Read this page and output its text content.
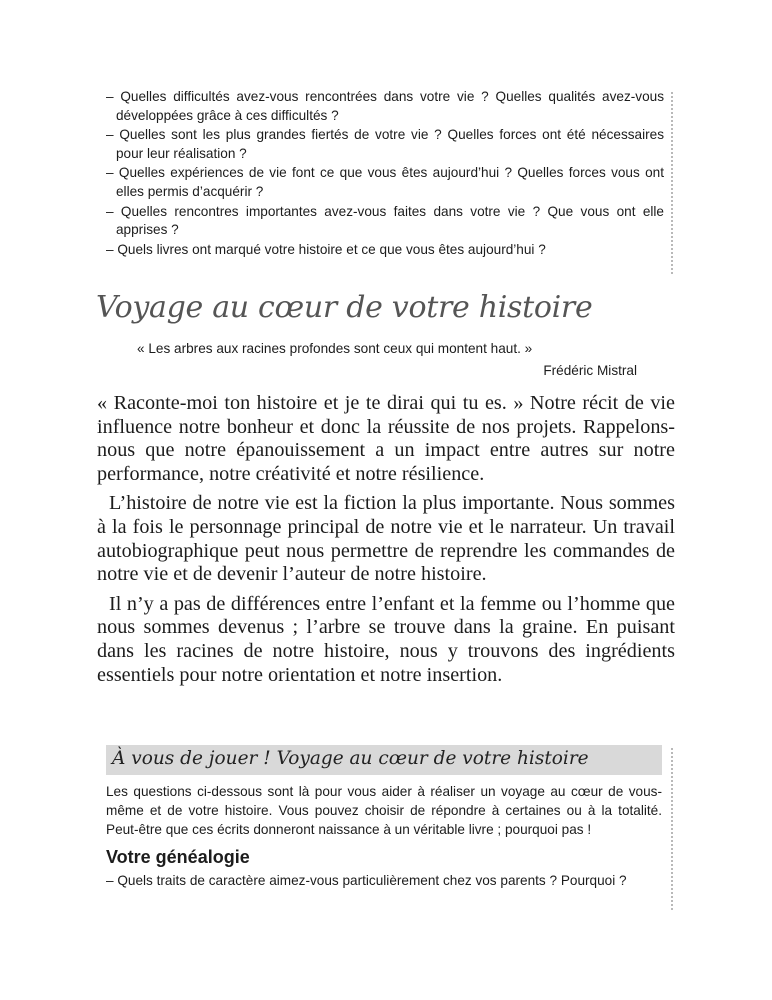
– Quelles difficultés avez-vous rencontrées dans votre vie ? Quelles qualités avez-vous développées grâce à ces difficultés ?
– Quelles sont les plus grandes fiertés de votre vie ? Quelles forces ont été nécessaires pour leur réalisation ?
– Quelles expériences de vie font ce que vous êtes aujourd’hui ? Quelles forces vous ont elles permis d’acquérir ?
– Quelles rencontres importantes avez-vous faites dans votre vie ? Que vous ont elle apprises ?
– Quels livres ont marqué votre histoire et ce que vous êtes aujourd’hui ?
Voyage au cœur de votre histoire

« Les arbres aux racines profondes sont ceux qui montent haut. »

Frédéric Mistral

« Raconte-moi ton histoire et je te dirai qui tu es. » Notre récit de vie influence notre bonheur et donc la réussite de nos projets. Rappelons-nous que notre épanouissement a un impact entre autres sur notre performance, notre créativité et notre résilience.

L’histoire de notre vie est la fiction la plus importante. Nous sommes à la fois le personnage principal de notre vie et le narrateur. Un travail autobiographique peut nous permettre de reprendre les commandes de notre vie et de devenir l’auteur de notre histoire.

Il n’y a pas de différences entre l’enfant et la femme ou l’homme que nous sommes devenus ; l’arbre se trouve dans la graine. En puisant dans les racines de notre histoire, nous y trouvons des ingrédients essentiels pour notre orientation et notre insertion.

À vous de jouer ! Voyage au cœur de votre histoire

Les questions ci-dessous sont là pour vous aider à réaliser un voyage au cœur de vous-même et de votre histoire. Vous pouvez choisir de répondre à certaines ou à la totalité. Peut-être que ces écrits donneront naissance à un véritable livre ; pourquoi pas !

Votre généalogie

– Quels traits de caractère aimez-vous particulièrement chez vos parents ? Pourquoi ?
